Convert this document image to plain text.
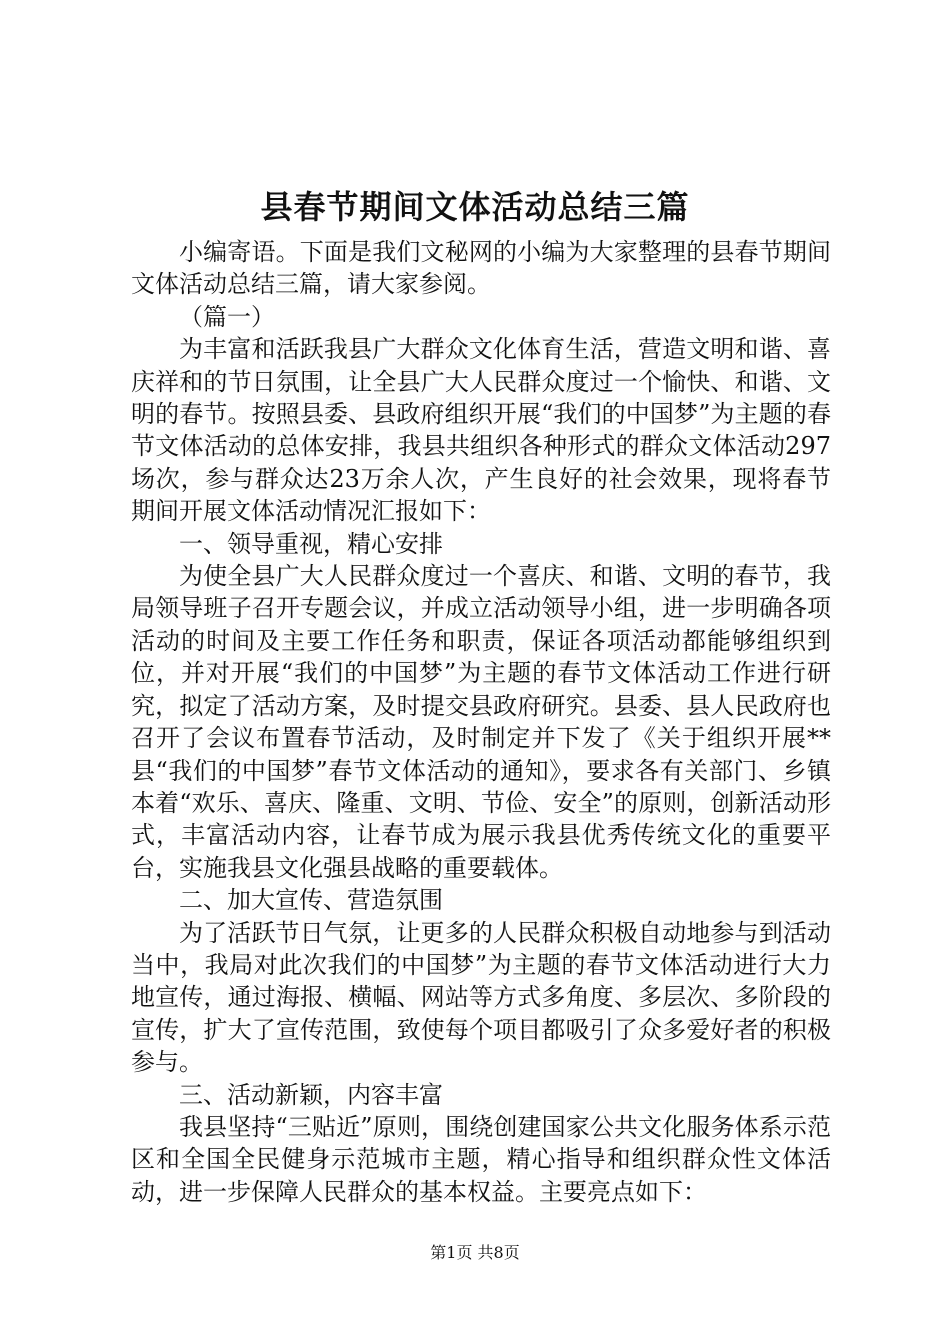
县春节期间文体活动总结三篇

小编寄语。下面是我们文秘网的小编为大家整理的县春节期间文体活动总结三篇，请大家参阅。

（篇一）

为丰富和活跃我县广大群众文化体育生活，营造文明和谐、喜庆祥和的节日氛围，让全县广大人民群众度过一个愉快、和谐、文明的春节。按照县委、县政府组织开展“我们的中国梦”为主题的春节文体活动的总体安排，我县共组织各种形式的群众文体活动297场次，参与群众达23万余人次，产生良好的社会效果，现将春节期间开展文体活动情况汇报如下：

一、领导重视，精心安排

为使全县广大人民群众度过一个喜庆、和谐、文明的春节，我局领导班子召开专题会议，并成立活动领导小组，进一步明确各项活动的时间及主要工作任务和职责，保证各项活动都能够组织到位，并对开展“我们的中国梦”为主题的春节文体活动工作进行研究，拟定了活动方案，及时提交县政府研究。县委、县人民政府也召开了会议布置春节活动，及时制定并下发了《关于组织开展**县“我们的中国梦”春节文体活动的通知》，要求各有关部门、乡镇本着“欢乐、喜庆、隆重、文明、节俭、安全”的原则，创新活动形式，丰富活动内容，让春节成为展示我县优秀传统文化的重要平台，实施我县文化强县战略的重要载体。

二、加大宣传、营造氛围

为了活跃节日气氛，让更多的人民群众积极自动地参与到活动当中，我局对此次我们的中国梦”为主题的春节文体活动进行大力地宣传，通过海报、横幅、网站等方式多角度、多层次、多阶段的宣传，扩大了宣传范围，致使每个项目都吸引了众多爱好者的积极参与。

三、活动新颖，内容丰富

我县坚持“三贴近”原则，围绕创建国家公共文化服务体系示范区和全国全民健身示范城市主题，精心指导和组织群众性文体活动，进一步保障人民群众的基本权益。主要亮点如下：

第1页 共8页
